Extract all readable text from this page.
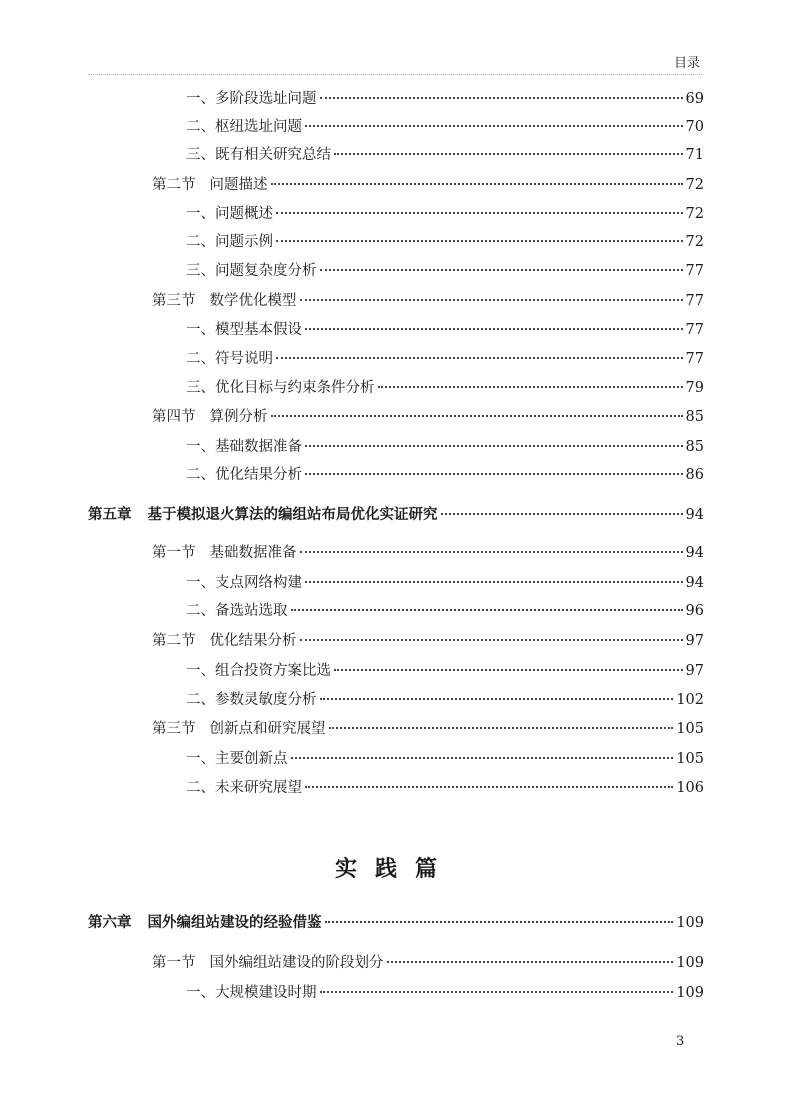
目录
一、 多阶段选址问题	69
二、 枢纽选址问题	70
三、 既有相关研究总结	71
第二节 问题描述	72
一、 问题概述	72
二、 问题示例	72
三、 问题复杂度分析	77
第三节 数学优化模型	77
一、 模型基本假设	77
二、 符号说明	77
三、 优化目标与约束条件分析	79
第四节 算例分析	85
一、 基础数据准备	85
二、 优化结果分析	86
第五章 基于模拟退火算法的编组站布局优化实证研究	94
第一节 基础数据准备	94
一、 支点网络构建	94
二、 备选站选取	96
第二节 优化结果分析	97
一、 组合投资方案比选	97
二、 参数灵敏度分析	102
第三节 创新点和研究展望	105
一、 主要创新点	105
二、 未来研究展望	106
第六章 国外编组站建设的经验借鉴	109
第一节 国外编组站建设的阶段划分	109
一、 大规模建设时期	109
实践篇
3
